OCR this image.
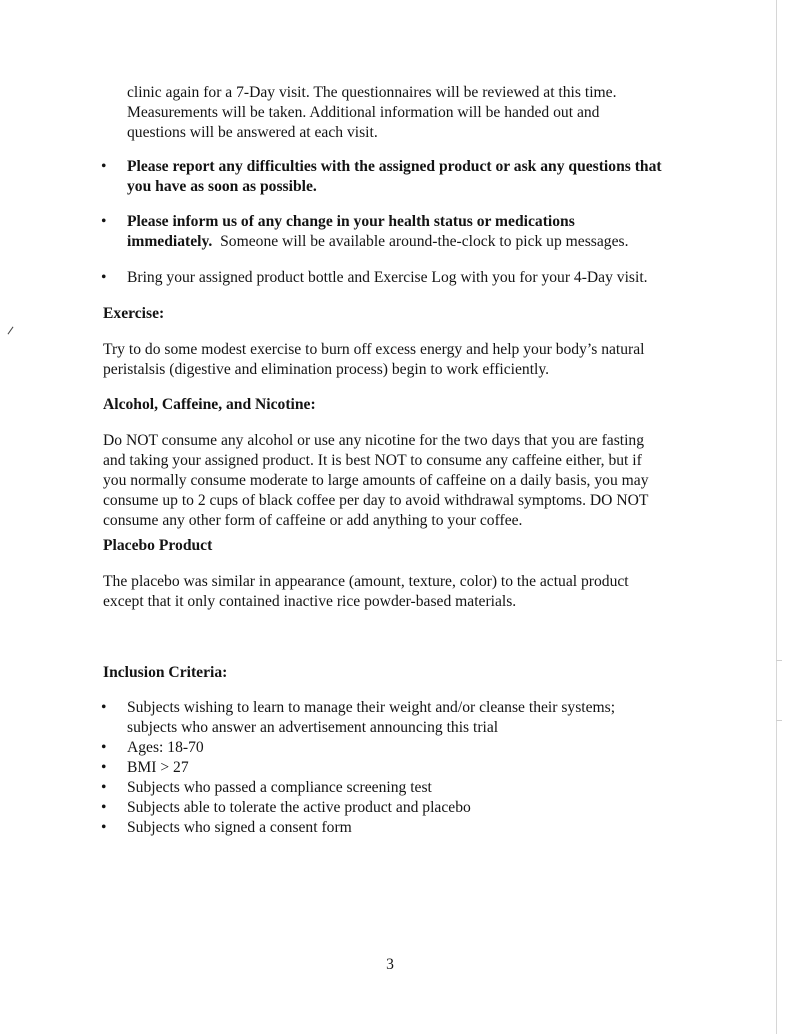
clinic again for a 7-Day visit. The questionnaires will be reviewed at this time.
Measurements will be taken. Additional information will be handed out and
questions will be answered at each visit.
•	Please report any difficulties with the assigned product or ask any questions that
you have as soon as possible.
•	Please inform us of any change in your health status or medications
immediately.  Someone will be available around-the-clock to pick up messages.
•	Bring your assigned product bottle and Exercise Log with you for your 4-Day visit.
Exercise:
Try to do some modest exercise to burn off excess energy and help your body’s natural
peristalsis (digestive and elimination process) begin to work efficiently.
Alcohol, Caffeine, and Nicotine:
Do NOT consume any alcohol or use any nicotine for the two days that you are fasting
and taking your assigned product. It is best NOT to consume any caffeine either, but if
you normally consume moderate to large amounts of caffeine on a daily basis, you may
consume up to 2 cups of black coffee per day to avoid withdrawal symptoms. DO NOT
consume any other form of caffeine or add anything to your coffee.
Placebo Product
The placebo was similar in appearance (amount, texture, color) to the actual product
except that it only contained inactive rice powder-based materials.
Inclusion Criteria:
• Subjects wishing to learn to manage their weight and/or cleanse their systems;
subjects who answer an advertisement announcing this trial
• Ages: 18-70
• BMI > 27
• Subjects who passed a compliance screening test
• Subjects able to tolerate the active product and placebo
• Subjects who signed a consent form
3
